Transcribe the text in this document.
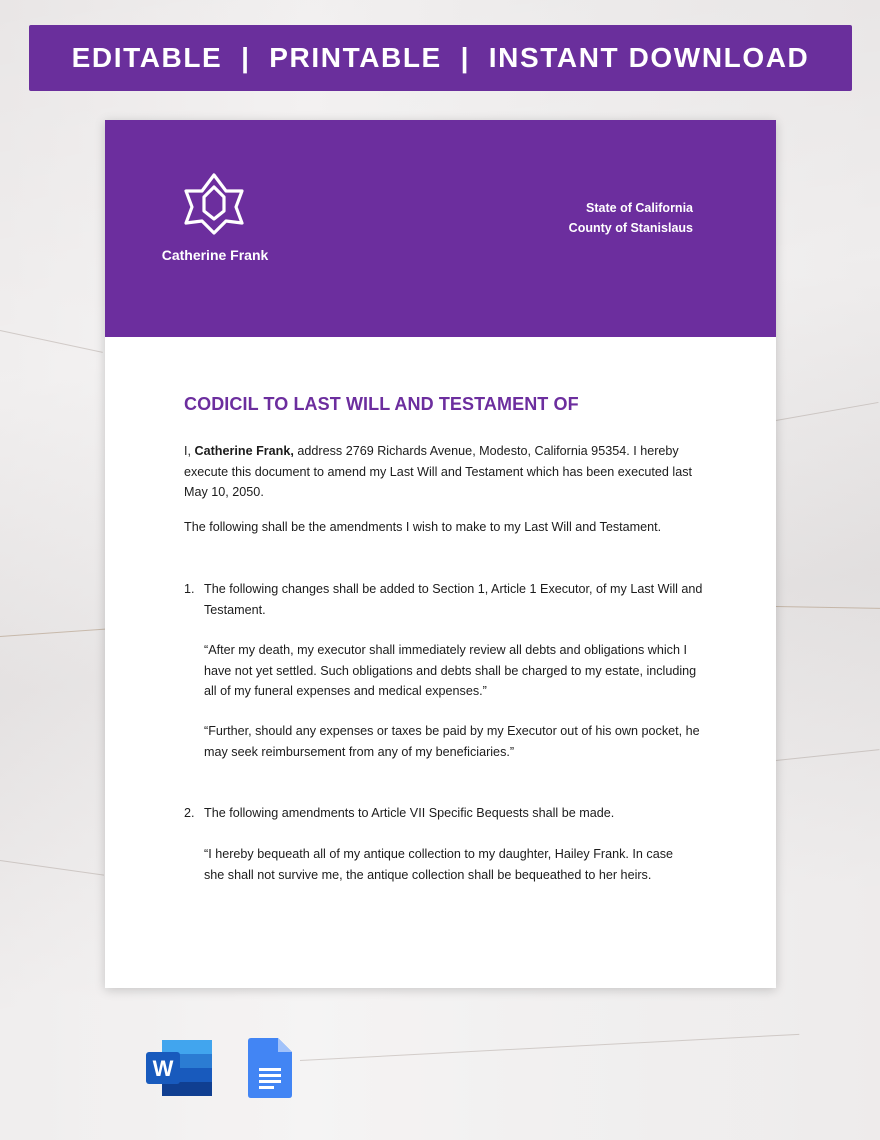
EDITABLE  |  PRINTABLE  |  INSTANT DOWNLOAD
Catherine Frank
State of California
County of Stanislaus
CODICIL TO LAST WILL AND TESTAMENT OF
I, Catherine Frank, address 2769 Richards Avenue, Modesto, California 95354. I hereby execute this document to amend my Last Will and Testament which has been executed last May 10, 2050.
The following shall be the amendments I wish to make to my Last Will and Testament.
1. The following changes shall be added to Section 1, Article 1 Executor, of my Last Will and Testament.
“After my death, my executor shall immediately review all debts and obligations which I have not yet settled. Such obligations and debts shall be charged to my estate, including all of my funeral expenses and medical expenses.”
“Further, should any expenses or taxes be paid by my Executor out of his own pocket, he may seek reimbursement from any of my beneficiaries.”
2. The following amendments to Article VII Specific Bequests shall be made.
“I hereby bequeath all of my antique collection to my daughter, Hailey Frank. In case she shall not survive me, the antique collection shall be bequeathed to her heirs.
W
